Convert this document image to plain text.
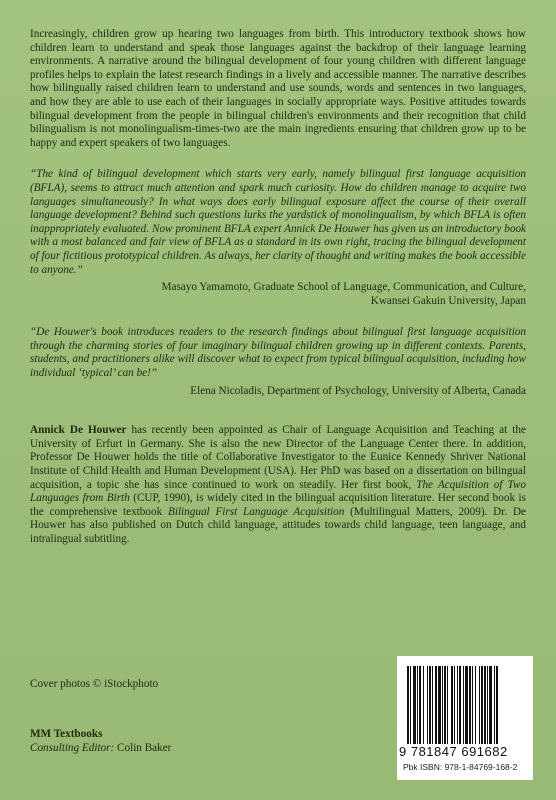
Increasingly, children grow up hearing two languages from birth. This introductory textbook shows how children learn to understand and speak those languages against the backdrop of their language learning environments. A narrative around the bilingual development of four young children with different language profiles helps to explain the latest research findings in a lively and accessible manner. The narrative describes how bilingually raised children learn to understand and use sounds, words and sentences in two languages, and how they are able to use each of their languages in socially appropriate ways. Positive attitudes towards bilingual development from the people in bilingual children's environments and their recognition that child bilingualism is not monolingualism-times-two are the main ingredients ensuring that children grow up to be happy and expert speakers of two languages.

“The kind of bilingual development which starts very early, namely bilingual first language acquisition (BFLA), seems to attract much attention and spark much curiosity. How do children manage to acquire two languages simultaneously? In what ways does early bilingual exposure affect the course of their overall language development? Behind such questions lurks the yardstick of monolingualism, by which BFLA is often inappropriately evaluated. Now prominent BFLA expert Annick De Houwer has given us an introductory book with a most balanced and fair view of BFLA as a standard in its own right, tracing the bilingual development of four fictitious prototypical children. As always, her clarity of thought and writing makes the book accessible to anyone.”

Masayo Yamamoto, Graduate School of Language, Communication, and Culture,
Kwansei Gakuin University, Japan

“De Houwer's book introduces readers to the research findings about bilingual first language acquisition through the charming stories of four imaginary bilingual children growing up in different contexts. Parents, students, and practitioners alike will discover what to expect from typical bilingual acquisition, including how individual ‘typical’ can be!”

Elena Nicoladis, Department of Psychology, University of Alberta, Canada

Annick De Houwer has recently been appointed as Chair of Language Acquisition and Teaching at the University of Erfurt in Germany. She is also the new Director of the Language Center there. In addition, Professor De Houwer holds the title of Collaborative Investigator to the Eunice Kennedy Shriver National Institute of Child Health and Human Development (USA). Her PhD was based on a dissertation on bilingual acquisition, a topic she has since continued to work on steadily. Her first book, The Acquisition of Two Languages from Birth (CUP, 1990), is widely cited in the bilingual acquisition literature. Her second book is the comprehensive textbook Bilingual First Language Acquisition (Multilingual Matters, 2009). Dr. De Houwer has also published on Dutch child language, attitudes towards child language, teen language, and intralingual subtitling.

Cover photos © iStockphoto
MM Textbooks
Consulting Editor: Colin Baker	9 781847 691682
Pbk ISBN: 978-1-84769-168-2
